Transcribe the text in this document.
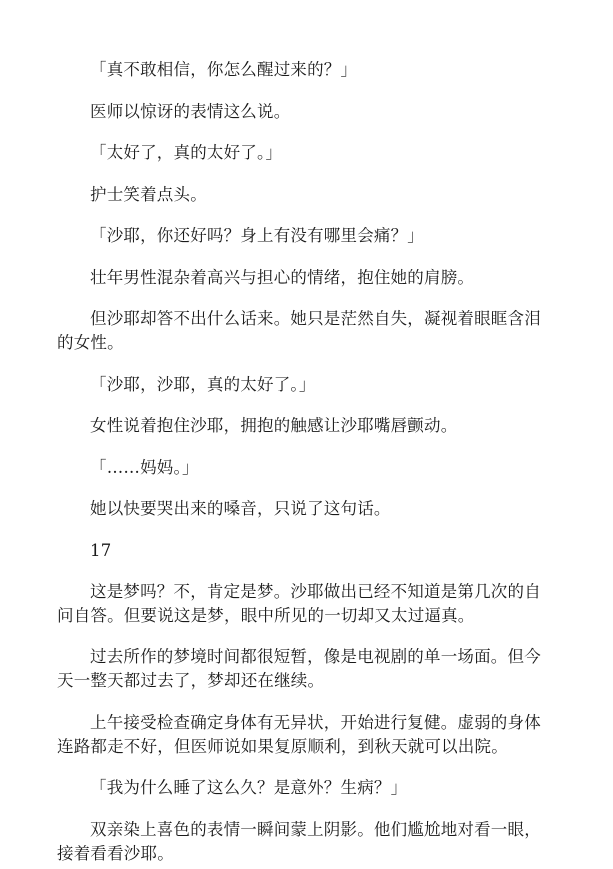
「真不敢相信，你怎么醒过来的？」

医师以惊讶的表情这么说。

「太好了，真的太好了。」

护士笑着点头。

「沙耶，你还好吗？身上有没有哪里会痛？」

壮年男性混杂着高兴与担心的情绪，抱住她的肩膀。

但沙耶却答不出什么话来。她只是茫然自失，凝视着眼眶含泪的女性。

「沙耶，沙耶，真的太好了。」

女性说着抱住沙耶，拥抱的触感让沙耶嘴唇颤动。

「……妈妈。」

她以快要哭出来的嗓音，只说了这句话。

17

这是梦吗？不，肯定是梦。沙耶做出已经不知道是第几次的自问自答。但要说这是梦，眼中所见的一切却又太过逼真。

过去所作的梦境时间都很短暂，像是电视剧的单一场面。但今天一整天都过去了，梦却还在继续。

上午接受检查确定身体有无异状，开始进行复健。虚弱的身体连路都走不好，但医师说如果复原顺利，到秋天就可以出院。

「我为什么睡了这么久？是意外？生病？」

双亲染上喜色的表情一瞬间蒙上阴影。他们尴尬地对看一眼，接着看看沙耶。
